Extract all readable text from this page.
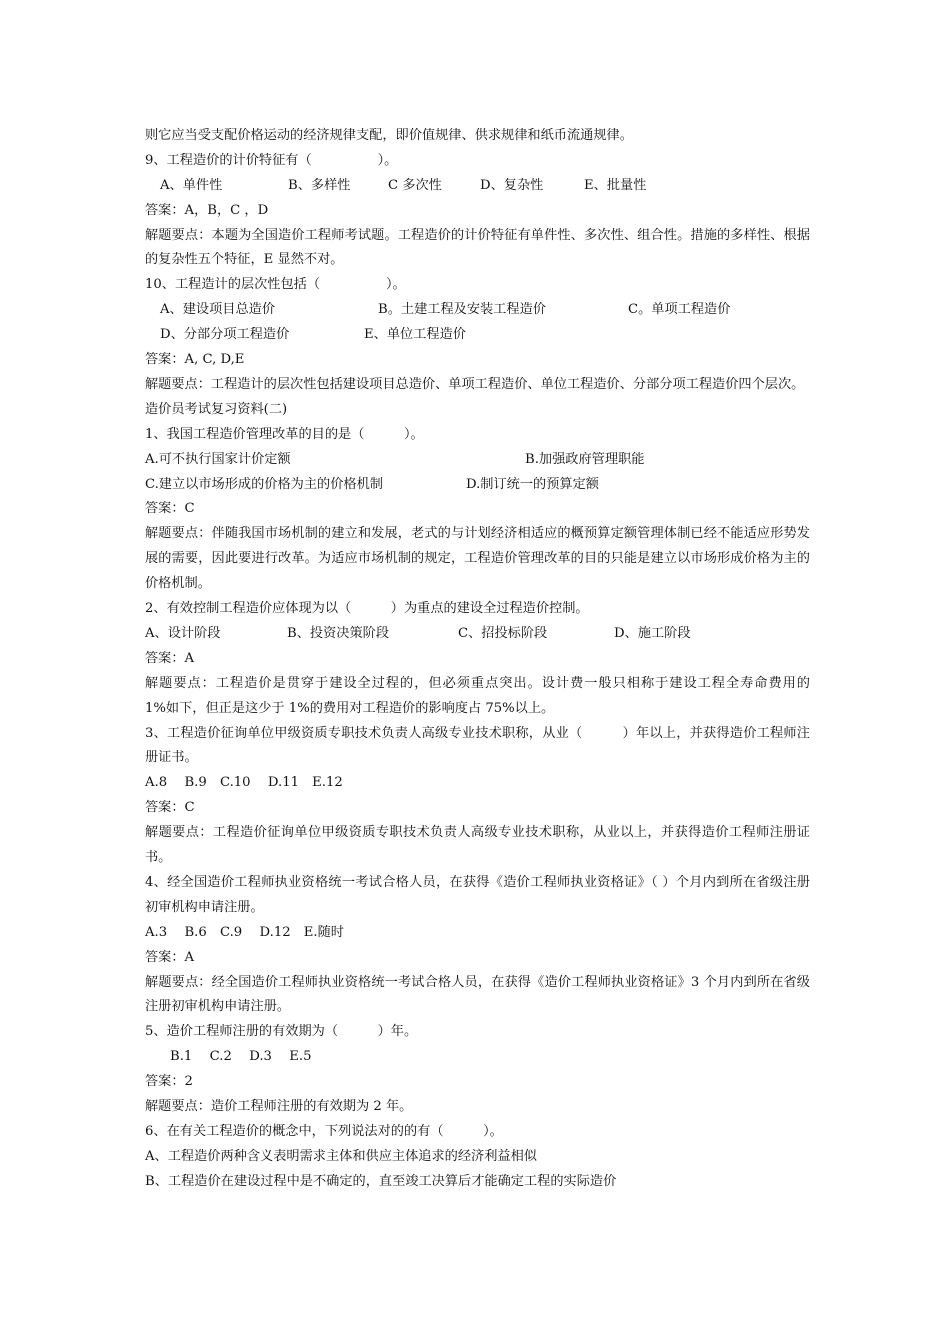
则它应当受支配价格运动的经济规律支配，即价值规律、供求规律和纸币流通规律。
9、工程造价的计价特征有（　　　　　）。
A、单件性	B、多样性	C 多次性	D、复杂性	E、批量性
答案：A，B，C ，D
解题要点：本题为全国造价工程师考试题。工程造价的计价特征有单件性、多次性、组合性。措施的多样性、根据的复杂性五个特征，E 显然不对。
10、工程造计的层次性包括（　　　　　）。
A、建设项目总造价	B。土建工程及安装工程造价	C。单项工程造价
D、分部分项工程造价	E、单位工程造价
答案：A, C, D,E
解题要点：工程造计的层次性包括建设项目总造价、单项工程造价、单位工程造价、分部分项工程造价四个层次。
造价员考试复习资料(二)
1、我国工程造价管理改革的目的是（　　　）。
A.可不执行国家计价定额	B.加强政府管理职能
C.建立以市场形成的价格为主的价格机制	D.制订统一的预算定额
答案：C
解题要点：伴随我国市场机制的建立和发展，老式的与计划经济相适应的概预算定额管理体制已经不能适应形势发展的需要，因此要进行改革。为适应市场机制的规定，工程造价管理改革的目的只能是建立以市场形成价格为主的价格机制。
2、有效控制工程造价应体现为以（　　　）为重点的建设全过程造价控制。
A、设计阶段	B、投资决策阶段	C、招投标阶段	D、施工阶段
答案：A
解题要点：工程造价是贯穿于建设全过程的，但必须重点突出。设计费一般只相称于建设工程全寿命费用的　　1%如下，但正是这少于 1%的费用对工程造价的影响度占 75%以上。
3、工程造价征询单位甲级资质专职技术负责人高级专业技术职称，从业（　　　）年以上，并获得造价工程师注册证书。
A.8　 B.9　C.10　 D.11　E.12
答案：C
解题要点：工程造价征询单位甲级资质专职技术负责人高级专业技术职称，从业以上，并获得造价工程师注册证书。
4、经全国造价工程师执业资格统一考试合格人员，在获得《造价工程师执业资格证》（ ）个月内到所在省级注册初审机构申请注册。
A.3　 B.6　C.9　 D.12　E.随时
答案：A
解题要点：经全国造价工程师执业资格统一考试合格人员，在获得《造价工程师执业资格证》3 个月内到所在省级注册初审机构申请注册。
5、造价工程师注册的有效期为（　　　）年。
B.1　 C.2　 D.3　 E.5
答案：2
解题要点：造价工程师注册的有效期为 2 年。
6、在有关工程造价的概念中，下列说法对的的有（　　　）。
A、工程造价两种含义表明需求主体和供应主体追求的经济利益相似
B、工程造价在建设过程中是不确定的，直至竣工决算后才能确定工程的实际造价
